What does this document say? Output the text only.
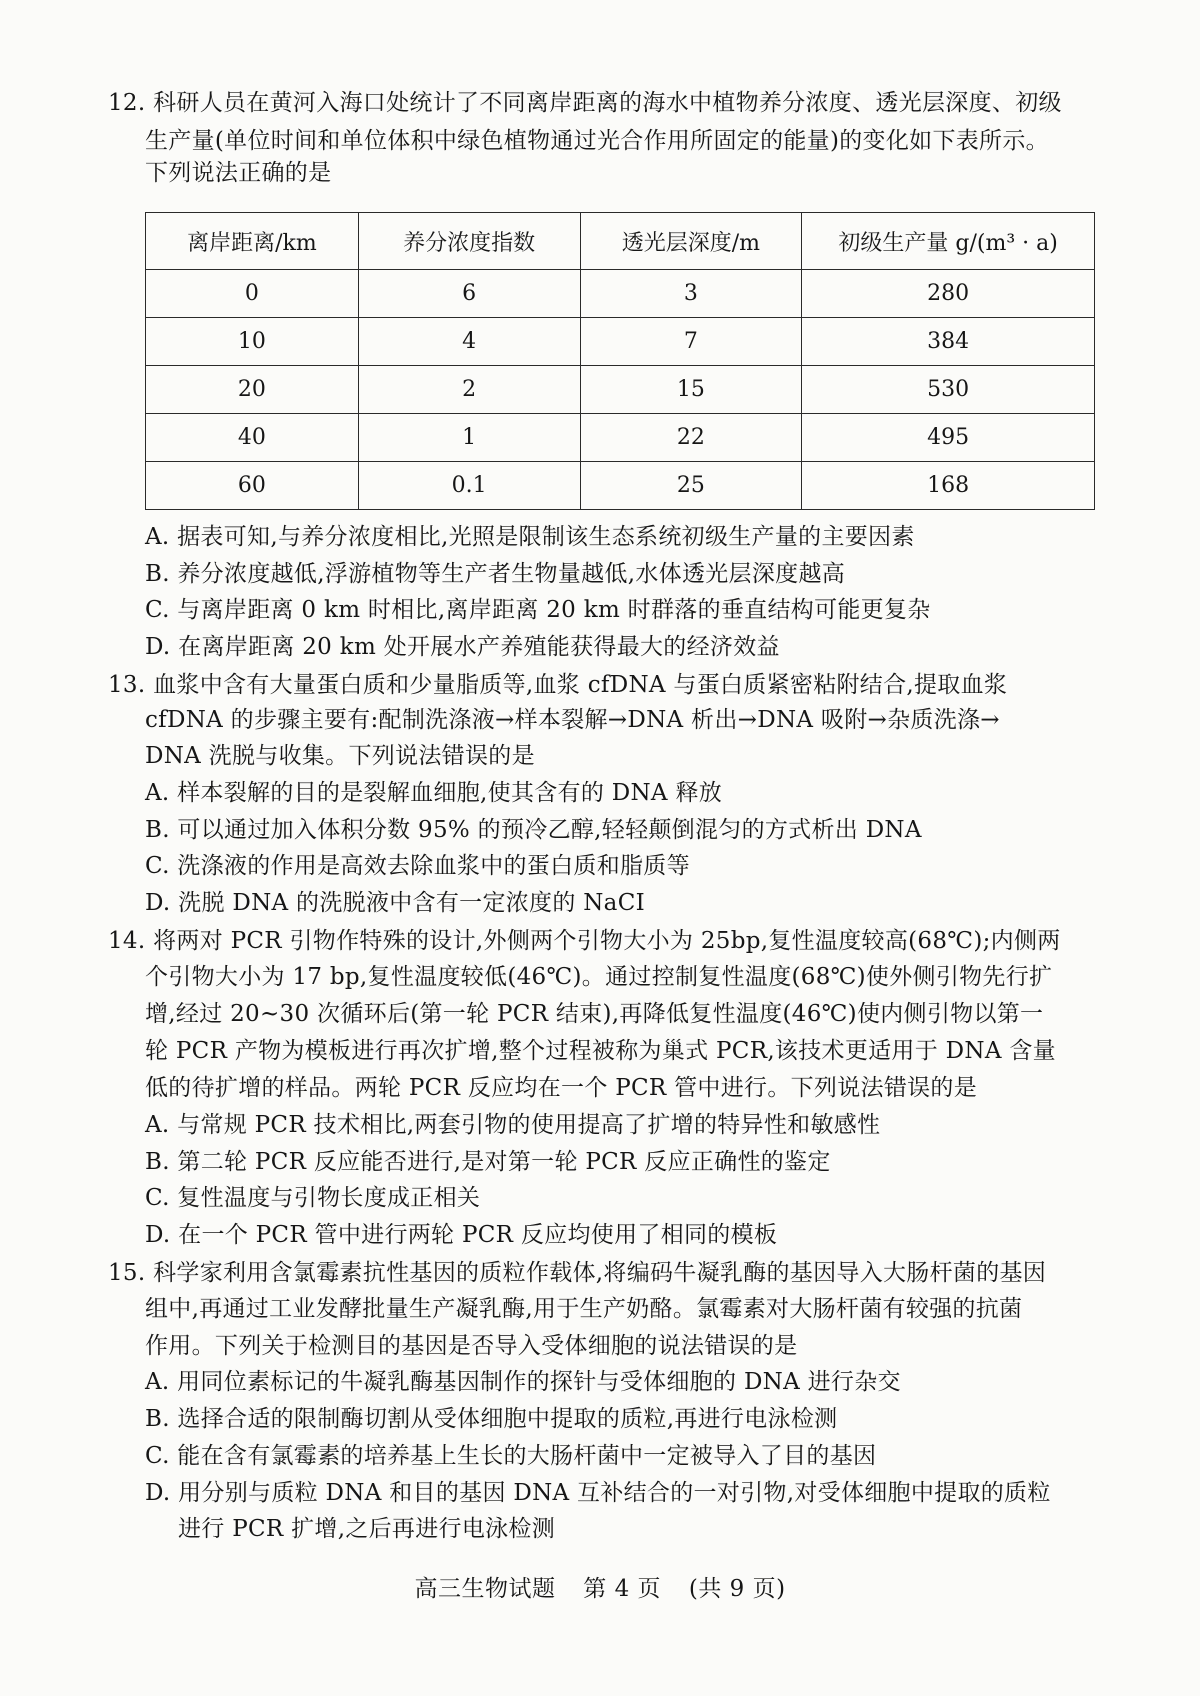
12. 科研人员在黄河入海口处统计了不同离岸距离的海水中植物养分浓度、透光层深度、初级
生产量(单位时间和单位体积中绿色植物通过光合作用所固定的能量)的变化如下表所示。
下列说法正确的是
离岸距离/km	养分浓度指数	透光层深度/m	初级生产量 g/(m³ · a)
0	6	3	280
10	4	7	384
20	2	15	530
40	1	22	495
60	0.1	25	168
A. 据表可知,与养分浓度相比,光照是限制该生态系统初级生产量的主要因素
B. 养分浓度越低,浮游植物等生产者生物量越低,水体透光层深度越高
C. 与离岸距离 0 km 时相比,离岸距离 20 km 时群落的垂直结构可能更复杂
D. 在离岸距离 20 km 处开展水产养殖能获得最大的经济效益
13. 血浆中含有大量蛋白质和少量脂质等,血浆 cfDNA 与蛋白质紧密粘附结合,提取血浆
cfDNA 的步骤主要有:配制洗涤液→样本裂解→DNA 析出→DNA 吸附→杂质洗涤→
DNA 洗脱与收集。下列说法错误的是
A. 样本裂解的目的是裂解血细胞,使其含有的 DNA 释放
B. 可以通过加入体积分数 95% 的预冷乙醇,轻轻颠倒混匀的方式析出 DNA
C. 洗涤液的作用是高效去除血浆中的蛋白质和脂质等
D. 洗脱 DNA 的洗脱液中含有一定浓度的 NaCI
14. 将两对 PCR 引物作特殊的设计,外侧两个引物大小为 25bp,复性温度较高(68℃);内侧两
个引物大小为 17 bp,复性温度较低(46℃)。通过控制复性温度(68℃)使外侧引物先行扩
增,经过 20~30 次循环后(第一轮 PCR 结束),再降低复性温度(46℃)使内侧引物以第一
轮 PCR 产物为模板进行再次扩增,整个过程被称为巢式 PCR,该技术更适用于 DNA 含量
低的待扩增的样品。两轮 PCR 反应均在一个 PCR 管中进行。下列说法错误的是
A. 与常规 PCR 技术相比,两套引物的使用提高了扩增的特异性和敏感性
B. 第二轮 PCR 反应能否进行,是对第一轮 PCR 反应正确性的鉴定
C. 复性温度与引物长度成正相关
D. 在一个 PCR 管中进行两轮 PCR 反应均使用了相同的模板
15. 科学家利用含氯霉素抗性基因的质粒作载体,将编码牛凝乳酶的基因导入大肠杆菌的基因
组中,再通过工业发酵批量生产凝乳酶,用于生产奶酪。氯霉素对大肠杆菌有较强的抗菌
作用。下列关于检测目的基因是否导入受体细胞的说法错误的是
A. 用同位素标记的牛凝乳酶基因制作的探针与受体细胞的 DNA 进行杂交
B. 选择合适的限制酶切割从受体细胞中提取的质粒,再进行电泳检测
C. 能在含有氯霉素的培养基上生长的大肠杆菌中一定被导入了目的基因
D. 用分别与质粒 DNA 和目的基因 DNA 互补结合的一对引物,对受体细胞中提取的质粒
进行 PCR 扩增,之后再进行电泳检测
高三生物试题 第 4 页 (共 9 页)
